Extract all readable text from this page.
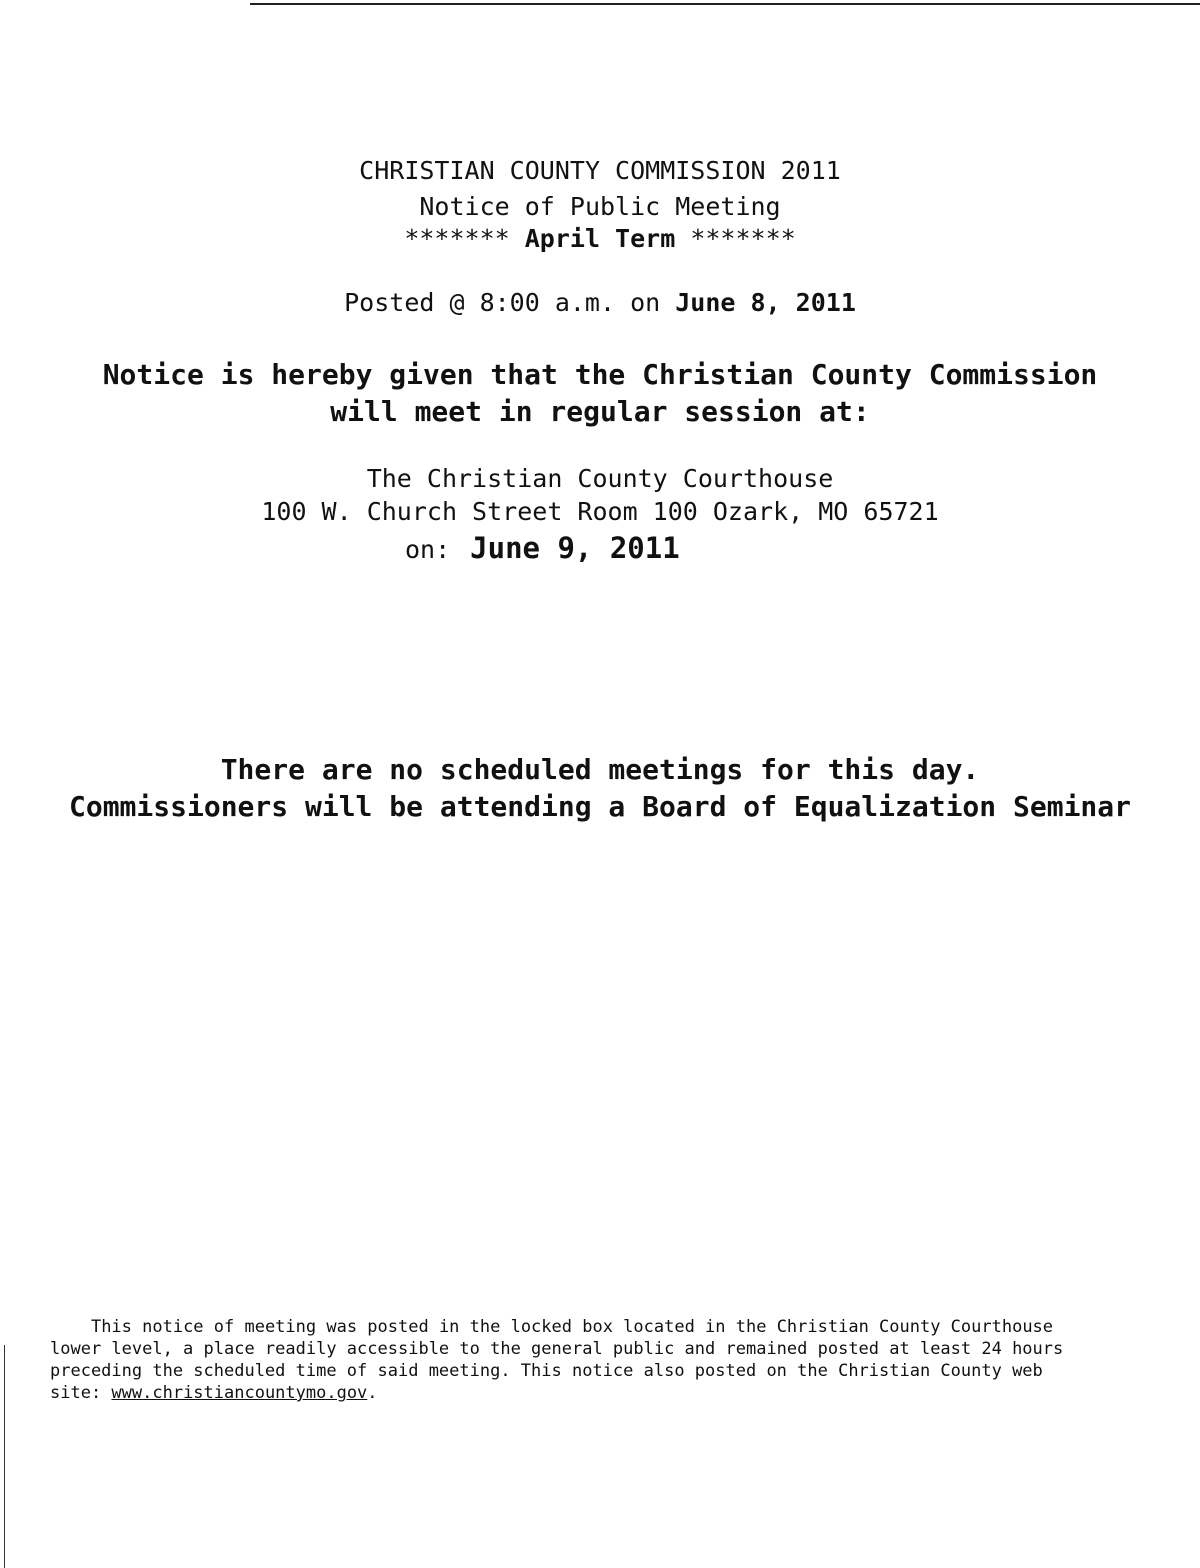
CHRISTIAN COUNTY COMMISSION 2011
Notice of Public Meeting
******* April Term *******
Posted @ 8:00 a.m. on June 8, 2011
Notice is hereby given that the Christian County Commission
will meet in regular session at:
The Christian County Courthouse
100 W. Church Street Room 100 Ozark, MO 65721
on: June 9, 2011
There are no scheduled meetings for this day.
Commissioners will be attending a Board of Equalization Seminar
This notice of meeting was posted in the locked box located in the Christian County Courthouse
lower level, a place readily accessible to the general public and remained posted at least 24 hours
preceding the scheduled time of said meeting. This notice also posted on the Christian County web
site: www.christiancountymo.gov.
